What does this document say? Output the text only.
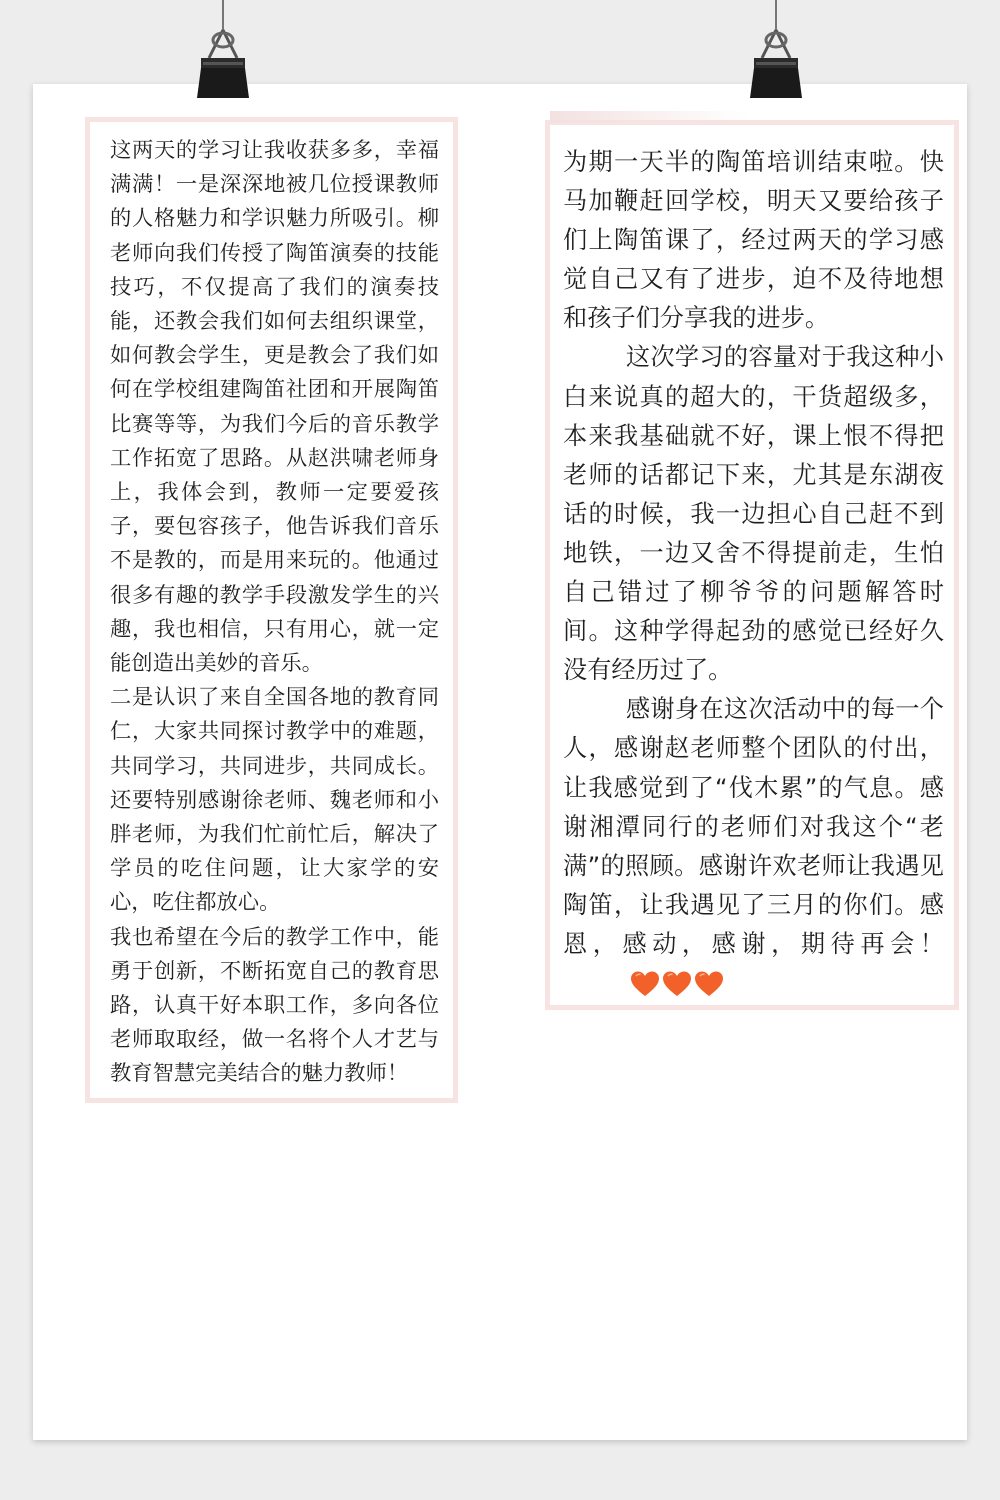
这两天的学习让我收获多多，幸福满满！一是深深地被几位授课教师的人格魅力和学识魅力所吸引。柳老师向我们传授了陶笛演奏的技能技巧，不仅提高了我们的演奏技能，还教会我们如何去组织课堂，如何教会学生，更是教会了我们如何在学校组建陶笛社团和开展陶笛比赛等等，为我们今后的音乐教学工作拓宽了思路。从赵洪啸老师身上，我体会到，教师一定要爱孩子，要包容孩子，他告诉我们音乐不是教的，而是用来玩的。他通过很多有趣的教学手段激发学生的兴趣，我也相信，只有用心，就一定能创造出美妙的音乐。

二是认识了来自全国各地的教育同仁，大家共同探讨教学中的难题，共同学习，共同进步，共同成长。还要特别感谢徐老师、魏老师和小胖老师，为我们忙前忙后，解决了学员的吃住问题，让大家学的安心，吃住都放心。

我也希望在今后的教学工作中，能勇于创新，不断拓宽自己的教育思路，认真干好本职工作，多向各位老师取取经，做一名将个人才艺与教育智慧完美结合的魅力教师！

为期一天半的陶笛培训结束啦。快马加鞭赶回学校，明天又要给孩子们上陶笛课了，经过两天的学习感觉自己又有了进步，迫不及待地想和孩子们分享我的进步。

这次学习的容量对于我这种小白来说真的超大的，干货超级多，本来我基础就不好，课上恨不得把老师的话都记下来，尤其是东湖夜话的时候，我一边担心自己赶不到地铁，一边又舍不得提前走，生怕自己错过了柳爷爷的问题解答时间。这种学得起劲的感觉已经好久没有经历过了。

感谢身在这次活动中的每一个人，感谢赵老师整个团队的付出，让我感觉到了“伐木累”的气息。感谢湘潭同行的老师们对我这个“老满”的照顾。感谢许欢老师让我遇见陶笛，让我遇见了三月的你们。感恩，感动，感谢，期待再会！
